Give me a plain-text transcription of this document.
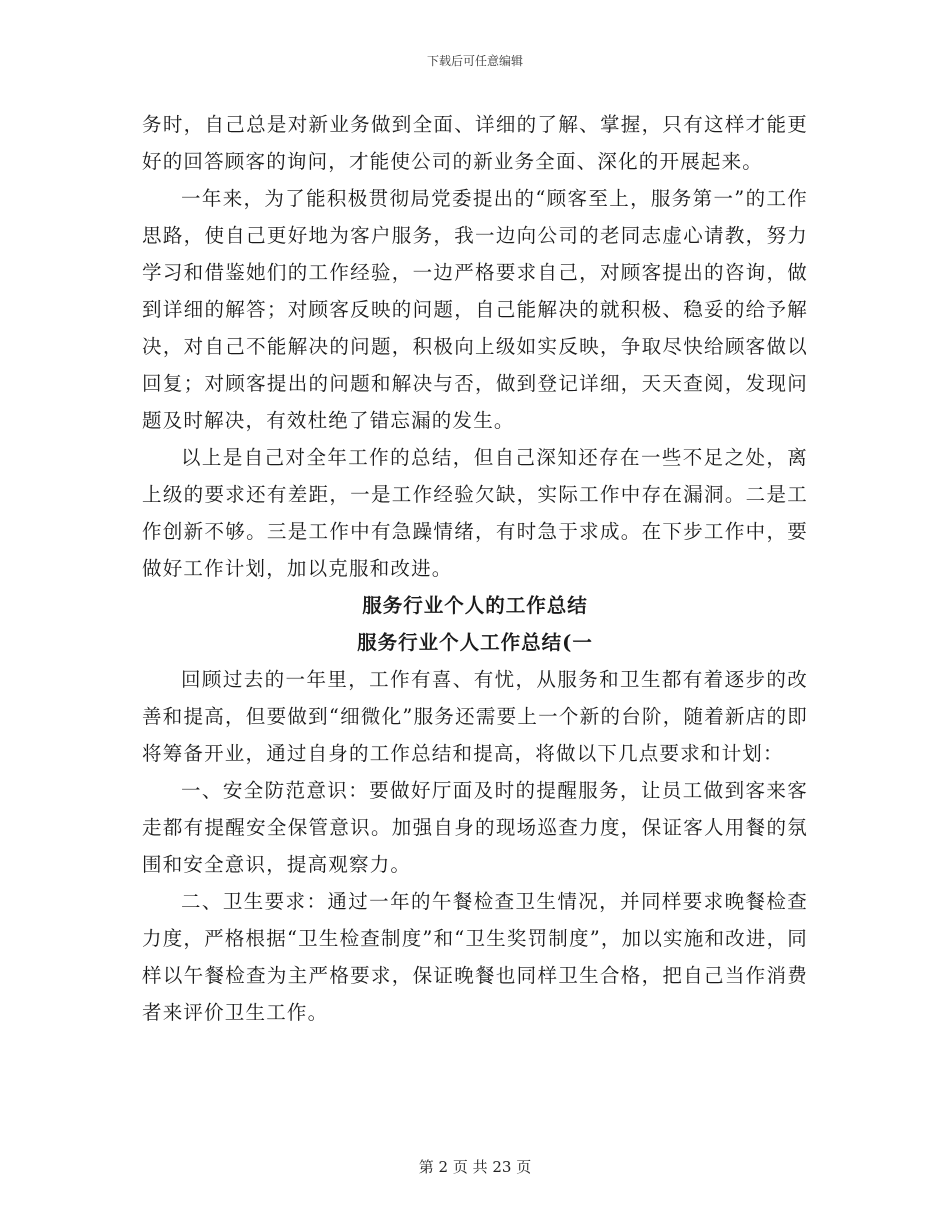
下载后可任意编辑

务时，自己总是对新业务做到全面、详细的了解、掌握，只有这样才能更好的回答顾客的询问，才能使公司的新业务全面、深化的开展起来。

一年来，为了能积极贯彻局党委提出的“顾客至上，服务第一”的工作思路，使自己更好地为客户服务，我一边向公司的老同志虚心请教，努力学习和借鉴她们的工作经验，一边严格要求自己，对顾客提出的咨询，做到详细的解答；对顾客反映的问题，自己能解决的就积极、稳妥的给予解决，对自己不能解决的问题，积极向上级如实反映，争取尽快给顾客做以回复；对顾客提出的问题和解决与否，做到登记详细，天天查阅，发现问题及时解决，有效杜绝了错忘漏的发生。

以上是自己对全年工作的总结，但自己深知还存在一些不足之处，离上级的要求还有差距，一是工作经验欠缺，实际工作中存在漏洞。二是工作创新不够。三是工作中有急躁情绪，有时急于求成。在下步工作中，要做好工作计划，加以克服和改进。

服务行业个人的工作总结

服务行业个人工作总结(一

回顾过去的一年里，工作有喜、有忧，从服务和卫生都有着逐步的改善和提高，但要做到“细微化”服务还需要上一个新的台阶，随着新店的即将筹备开业，通过自身的工作总结和提高，将做以下几点要求和计划：

一、安全防范意识：要做好厅面及时的提醒服务，让员工做到客来客走都有提醒安全保管意识。加强自身的现场巡查力度，保证客人用餐的氛围和安全意识，提高观察力。

二、卫生要求：通过一年的午餐检查卫生情况，并同样要求晚餐检查力度，严格根据“卫生检查制度”和“卫生奖罚制度”，加以实施和改进，同样以午餐检查为主严格要求，保证晚餐也同样卫生合格，把自己当作消费者来评价卫生工作。

第 2 页 共 23 页
